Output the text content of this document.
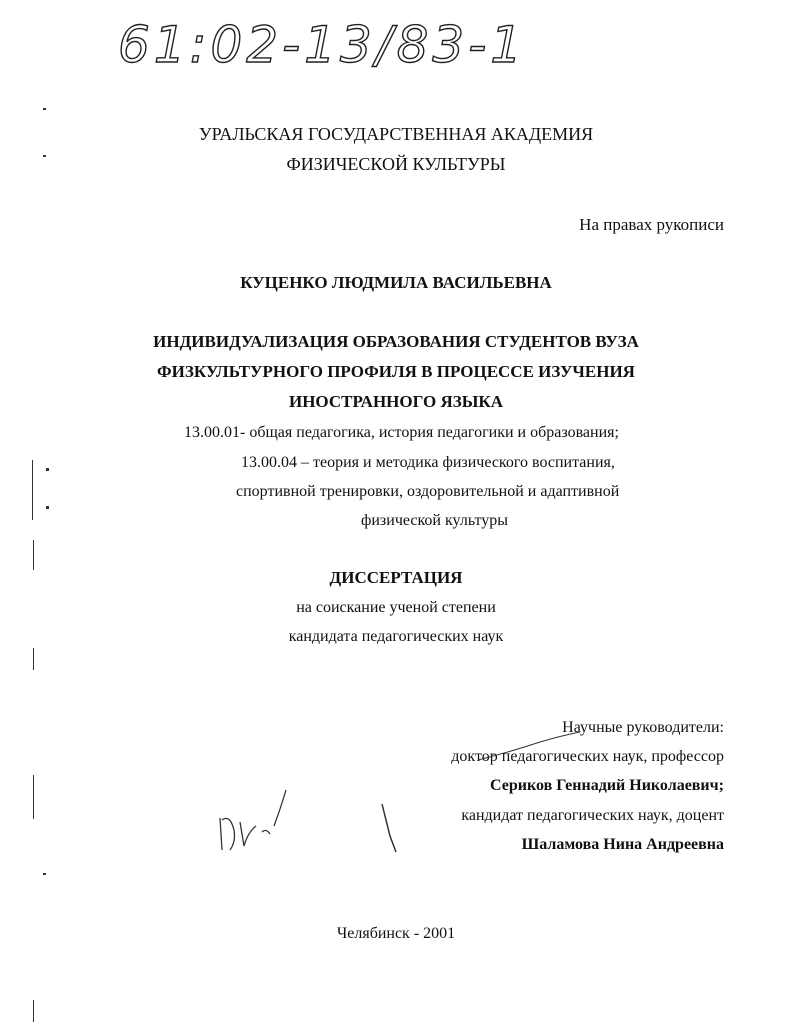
61:02-13/83-1
УРАЛЬСКАЯ ГОСУДАРСТВЕННАЯ АКАДЕМИЯ
ФИЗИЧЕСКОЙ КУЛЬТУРЫ
На правах рукописи
КУЦЕНКО ЛЮДМИЛА ВАСИЛЬЕВНА
ИНДИВИДУАЛИЗАЦИЯ ОБРАЗОВАНИЯ СТУДЕНТОВ ВУЗА
ФИЗКУЛЬТУРНОГО ПРОФИЛЯ В ПРОЦЕССЕ ИЗУЧЕНИЯ
ИНОСТРАННОГО ЯЗЫКА
13.00.01- общая педагогика, история педагогики и образования;
13.00.04 – теория и методика физического воспитания,
спортивной тренировки, оздоровительной и адаптивной
физической культуры
ДИССЕРТАЦИЯ
на соискание ученой степени
кандидата педагогических наук
Научные руководители:
доктор педагогических наук, профессор
Сериков Геннадий Николаевич;
кандидат педагогических наук, доцент
Шаламова Нина Андреевна
Челябинск - 2001
